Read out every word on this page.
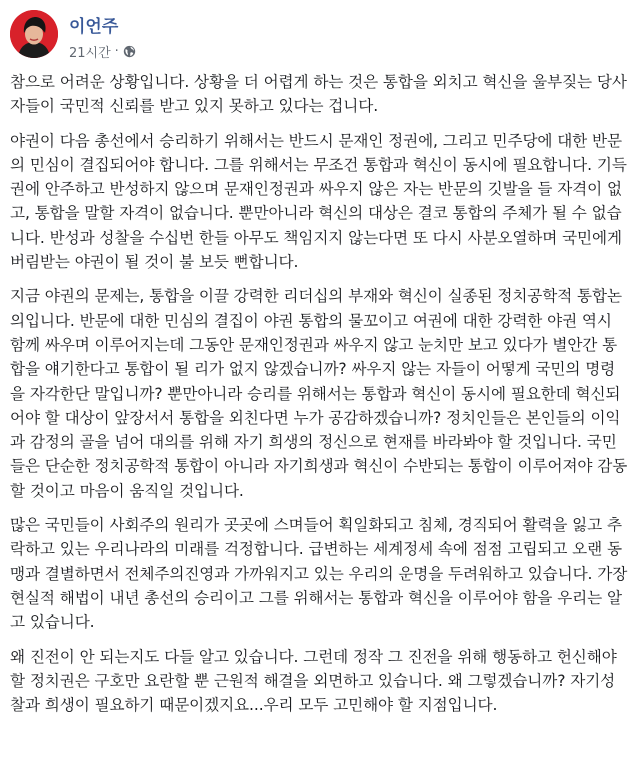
이언주
21시간 ·

참으로 어려운 상황입니다. 상황을 더 어렵게 하는 것은 통합을 외치고 혁신을 울부짖는 당사자들이 국민적 신뢰를 받고 있지 못하고 있다는 겁니다.

야권이 다음 총선에서 승리하기 위해서는 반드시 문재인 정권에, 그리고 민주당에 대한 반문의 민심이 결집되어야 합니다. 그를 위해서는 무조건 통합과 혁신이 동시에 필요합니다. 기득권에 안주하고 반성하지 않으며 문재인정권과 싸우지 않은 자는 반문의 깃발을 들 자격이 없고, 통합을 말할 자격이 없습니다. 뿐만아니라 혁신의 대상은 결코 통합의 주체가 될 수 없습니다. 반성과 성찰을 수십번 한들 아무도 책임지지 않는다면 또 다시 사분오열하며 국민에게 버림받는 야권이 될 것이 불 보듯 뻔합니다.

지금 야권의 문제는, 통합을 이끌 강력한 리더십의 부재와 혁신이 실종된 정치공학적 통합논의입니다. 반문에 대한 민심의 결집이 야권 통합의 물꼬이고 여권에 대한 강력한 야권 역시 함께 싸우며 이루어지는데 그동안 문재인정권과 싸우지 않고 눈치만 보고 있다가 별안간 통합을 얘기한다고 통합이 될 리가 없지 않겠습니까? 싸우지 않는 자들이 어떻게 국민의 명령을 자각한단 말입니까? 뿐만아니라 승리를 위해서는 통합과 혁신이 동시에 필요한데 혁신되어야 할 대상이 앞장서서 통합을 외친다면 누가 공감하겠습니까? 정치인들은 본인들의 이익과 감정의 골을 넘어 대의를 위해 자기 희생의 정신으로 현재를 바라봐야 할 것입니다. 국민들은 단순한 정치공학적 통합이 아니라 자기희생과 혁신이 수반되는 통합이 이루어져야 감동할 것이고 마음이 움직일 것입니다.

많은 국민들이 사회주의 원리가 곳곳에 스며들어 획일화되고 침체, 경직되어 활력을 잃고 추락하고 있는 우리나라의 미래를 걱정합니다. 급변하는 세계정세 속에 점점 고립되고 오랜 동맹과 결별하면서 전체주의진영과 가까워지고 있는 우리의 운명을 두려워하고 있습니다. 가장 현실적 해법이 내년 총선의 승리이고 그를 위해서는 통합과 혁신을 이루어야 함을 우리는 알고 있습니다.

왜 진전이 안 되는지도 다들 알고 있습니다. 그런데 정작 그 진전을 위해 행동하고 헌신해야 할 정치권은 구호만 요란할 뿐 근원적 해결을 외면하고 있습니다. 왜 그렇겠습니까? 자기성찰과 희생이 필요하기 때문이겠지요...우리 모두 고민해야 할 지점입니다.
